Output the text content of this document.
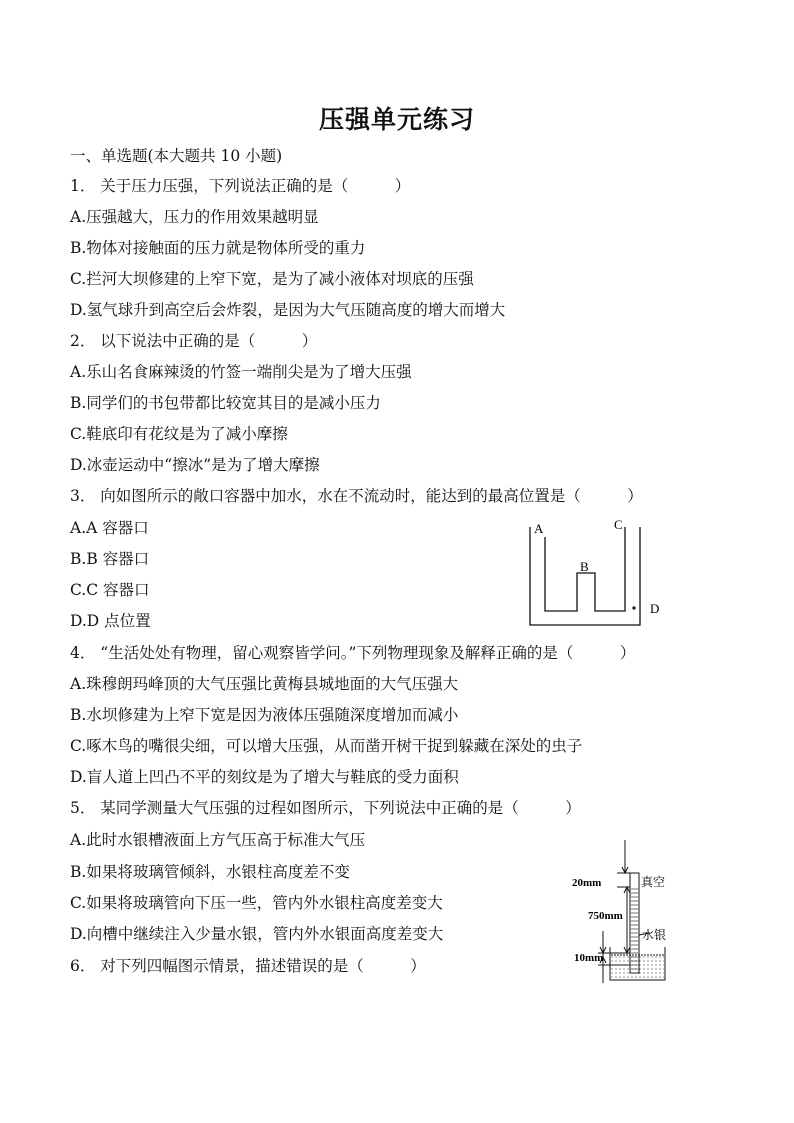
压强单元练习
一、单选题(本大题共 10 小题)
1． 关于压力压强，下列说法正确的是（　　　）
A.压强越大，压力的作用效果越明显
B.物体对接触面的压力就是物体所受的重力
C.拦河大坝修建的上窄下宽，是为了减小液体对坝底的压强
D.氢气球升到高空后会炸裂，是因为大气压随高度的增大而增大
2． 以下说法中正确的是（　　　）
A.乐山名食麻辣烫的竹签一端削尖是为了增大压强
B.同学们的书包带都比较宽其目的是减小压力
C.鞋底印有花纹是为了减小摩擦
D.冰壶运动中“擦冰”是为了增大摩擦
3． 向如图所示的敞口容器中加水，水在不流动时，能达到的最高位置是（　　　）
A.A 容器口
B.B 容器口
C.C 容器口
D.D 点位置
A
B
C
D
4． “生活处处有物理，留心观察皆学问。”下列物理现象及解释正确的是（　　　）
A.珠穆朗玛峰顶的大气压强比黄梅县城地面的大气压强大
B.水坝修建为上窄下宽是因为液体压强随深度增加而减小
C.啄木鸟的嘴很尖细，可以增大压强，从而凿开树干捉到躲藏在深处的虫子
D.盲人道上凹凸不平的刻纹是为了增大与鞋底的受力面积
5． 某同学测量大气压强的过程如图所示，下列说法中正确的是（　　　）
A.此时水银槽液面上方气压高于标准大气压
B.如果将玻璃管倾斜，水银柱高度差不变
C.如果将玻璃管向下压一些，管内外水银柱高度差变大
D.向槽中继续注入少量水银，管内外水银面高度差变大
20mm	真空
750mm
水银
10mm
6． 对下列四幅图示情景，描述错误的是（　　　）
